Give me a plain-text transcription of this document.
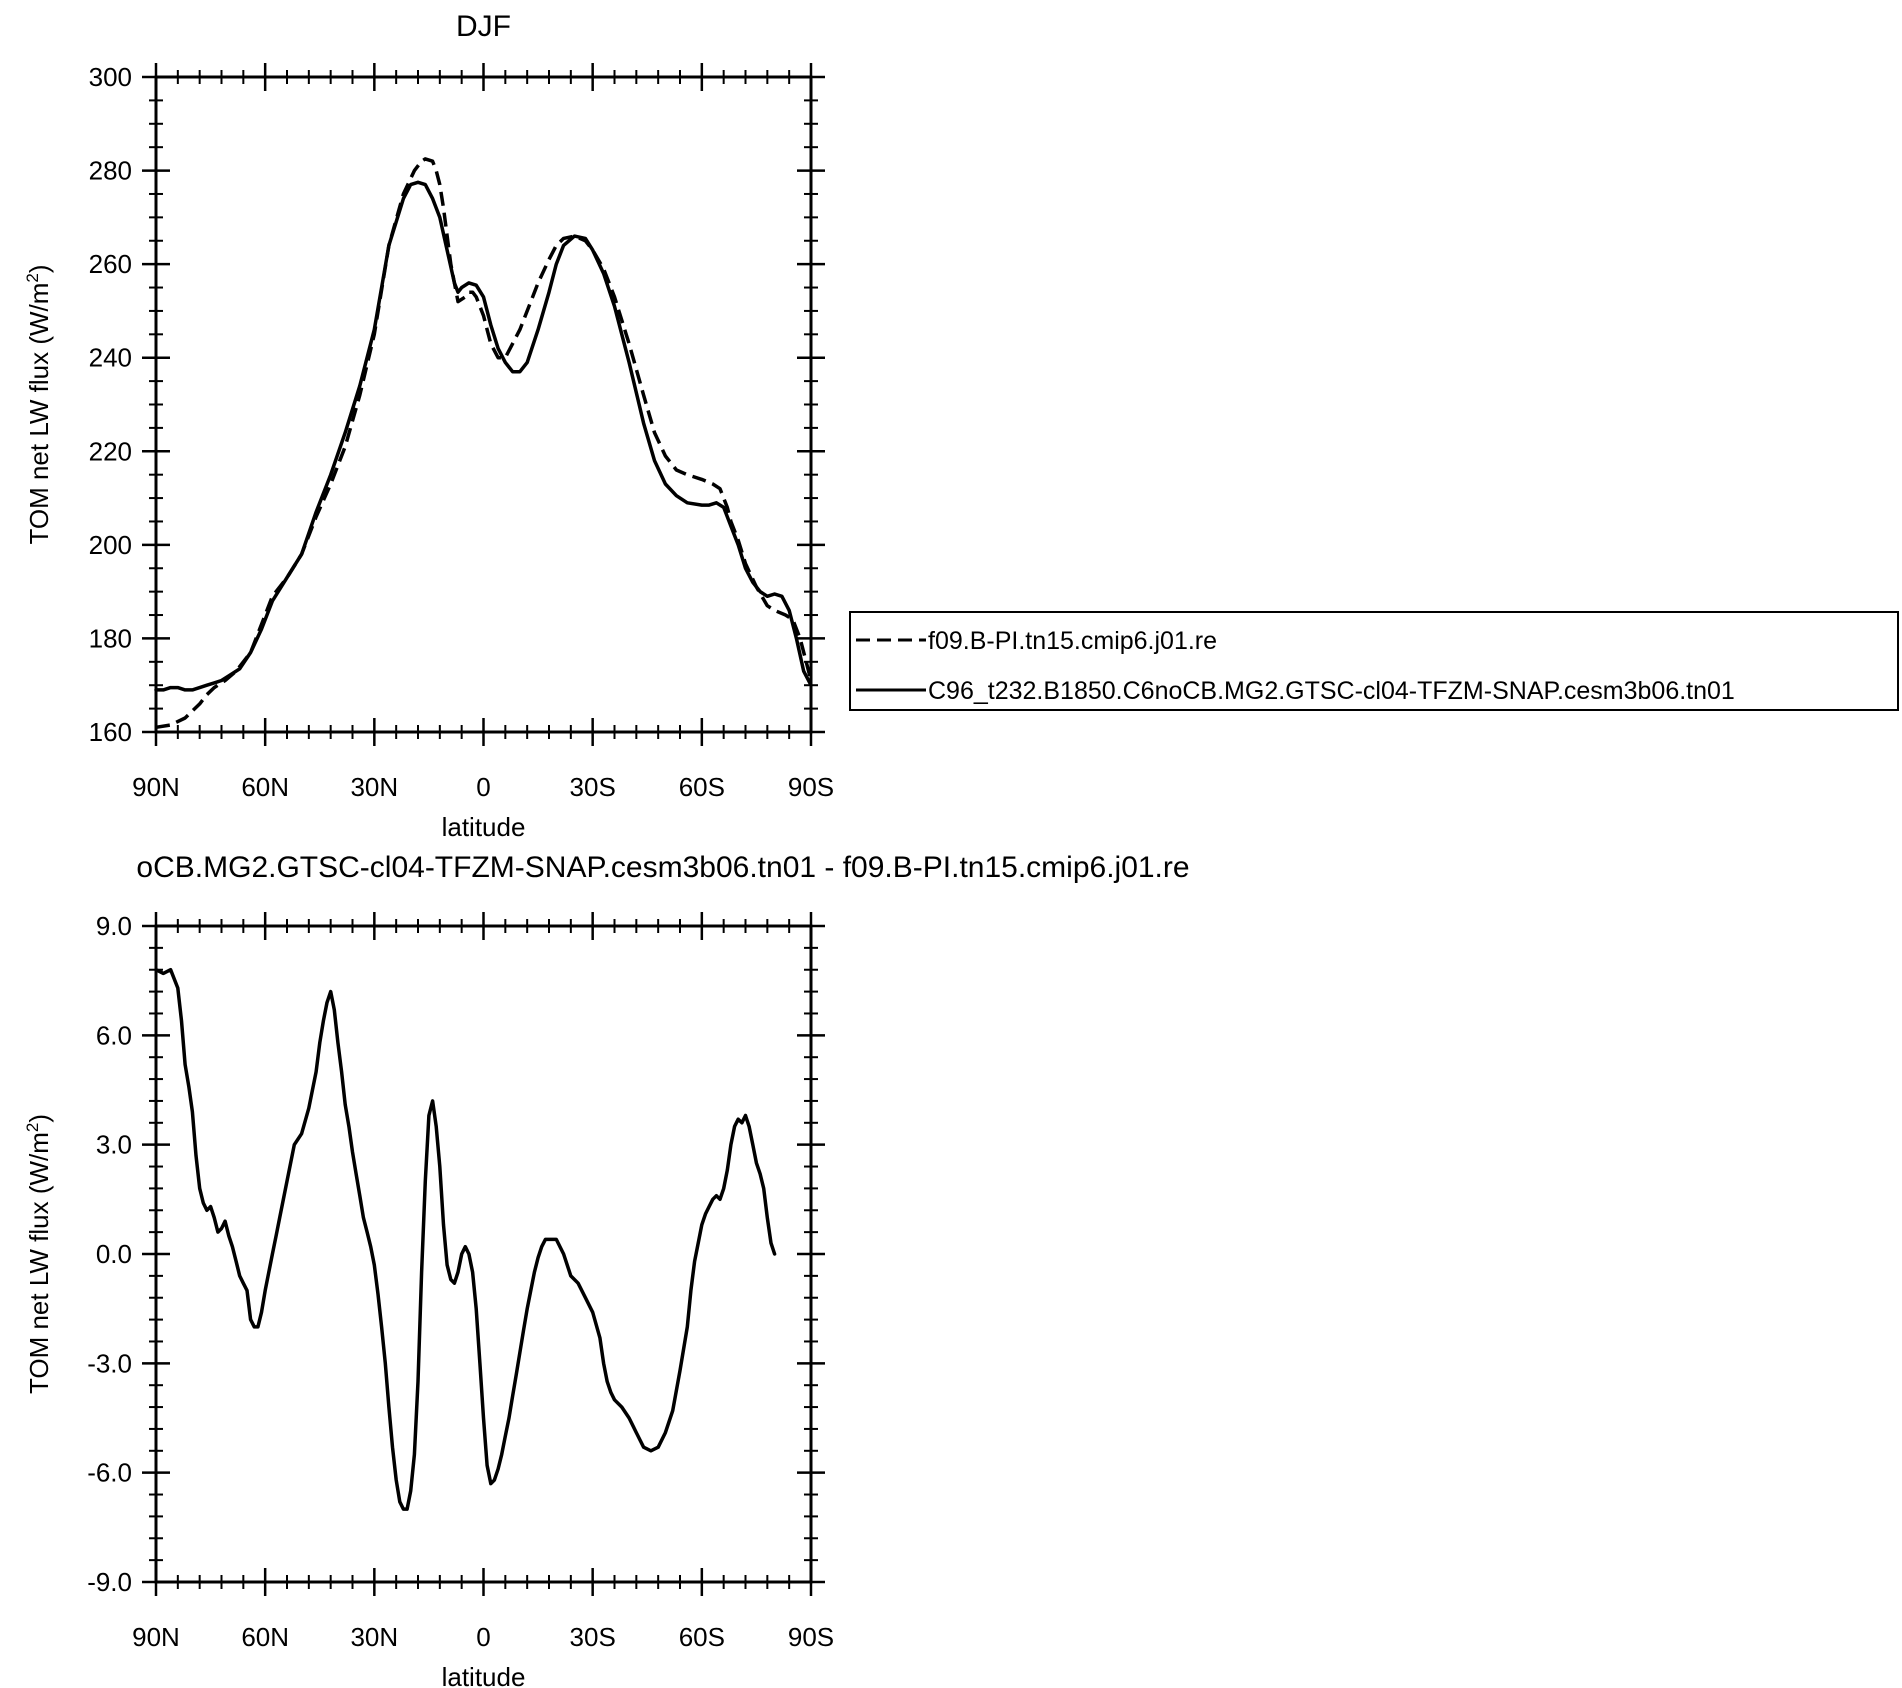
DJF
160
180
200
220
240
260
280
300
90N 60N 30N	0	30S 60S 90S
latitude
TOM net LW flux $(W/m^2)$
f09.B-PI.tn15.cmip6.j01.re
C96_t232.B1850.C6noCB.MG2.GTSC-cl04-TFZM-SNAP.cesm3b06.tn01
oCB.MG2.GTSC-cl04-TFZM-SNAP.cesm3b06.tn01 - f09.B-PI.tn15.cmip6.j01.re
-9.0
-6.0
-3.0
0.0
3.0
6.0
9.0
90N 60N 30N	0	30S 60S 90S
latitude
TOM net LW flux $(W/m^2)$
